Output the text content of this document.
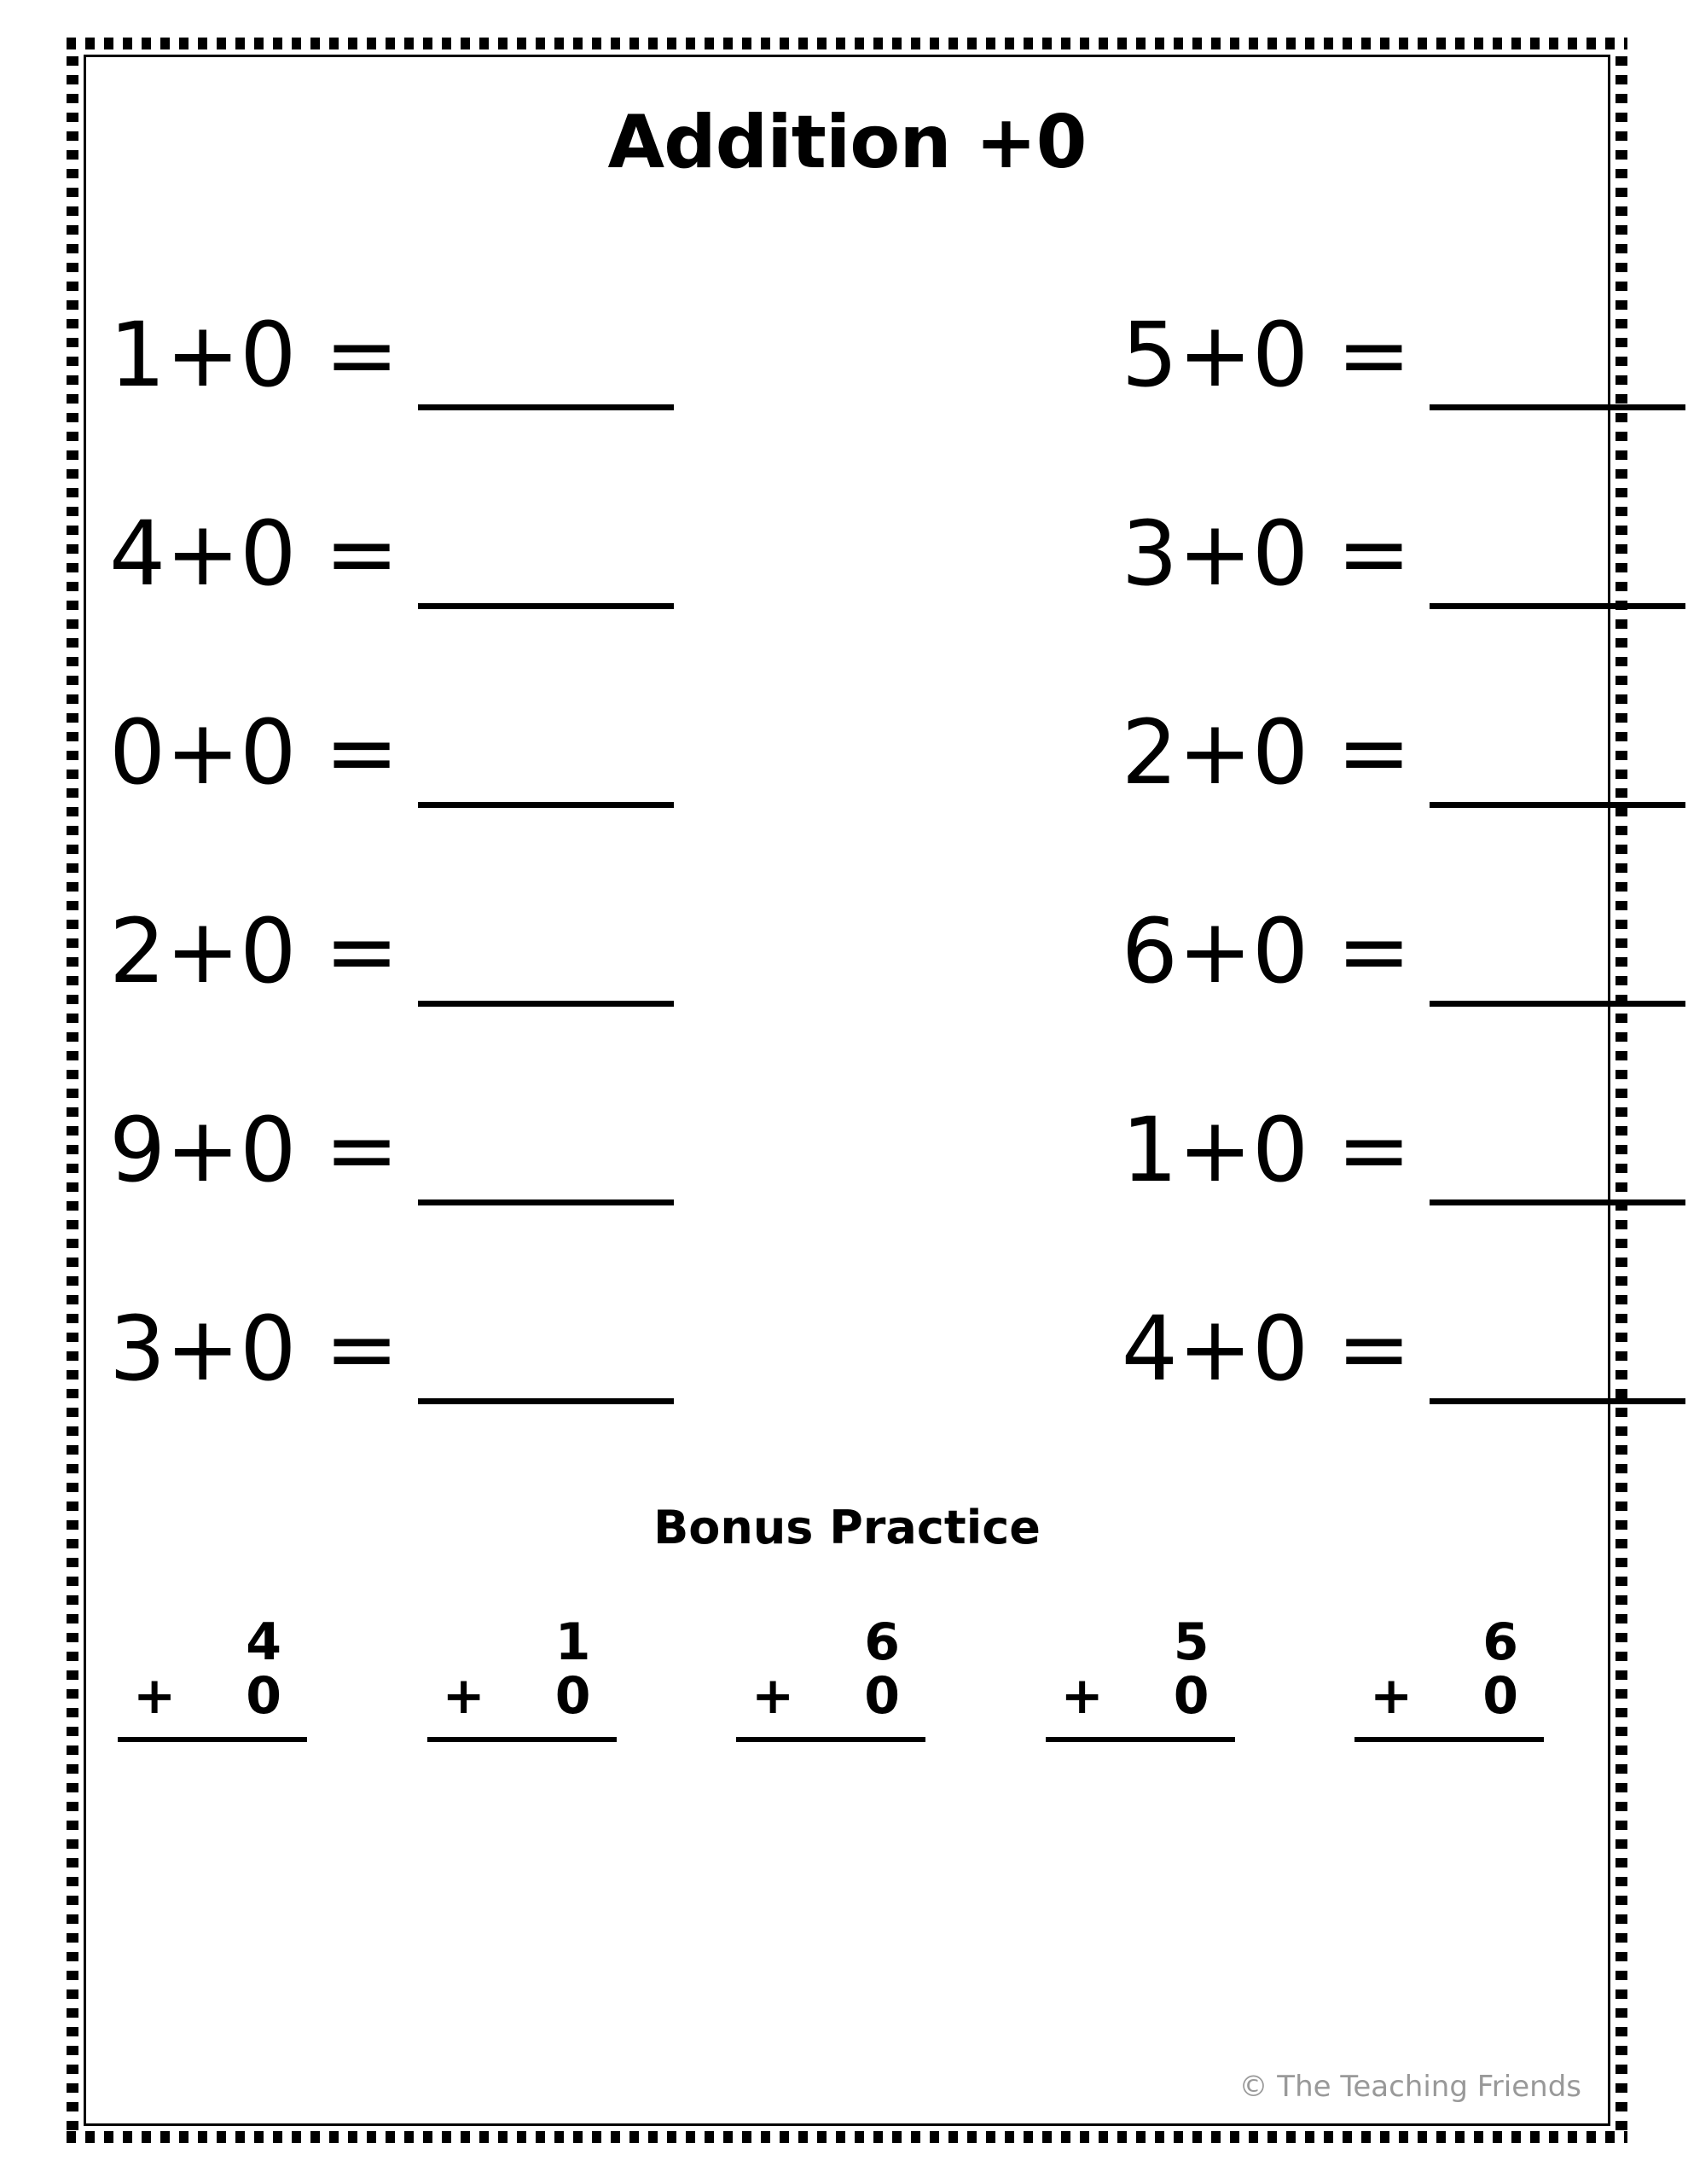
Addition +0
1+0 =	5+0 =
4+0 =	3+0 =
0+0 =	2+0 =
2+0 =	6+0 =
9+0 =	1+0 =
3+0 =	4+0 =
Bonus Practice
4
+ 0
1
+ 0
6
+ 0
5
+ 0
6
+ 0
© The Teaching Friends
